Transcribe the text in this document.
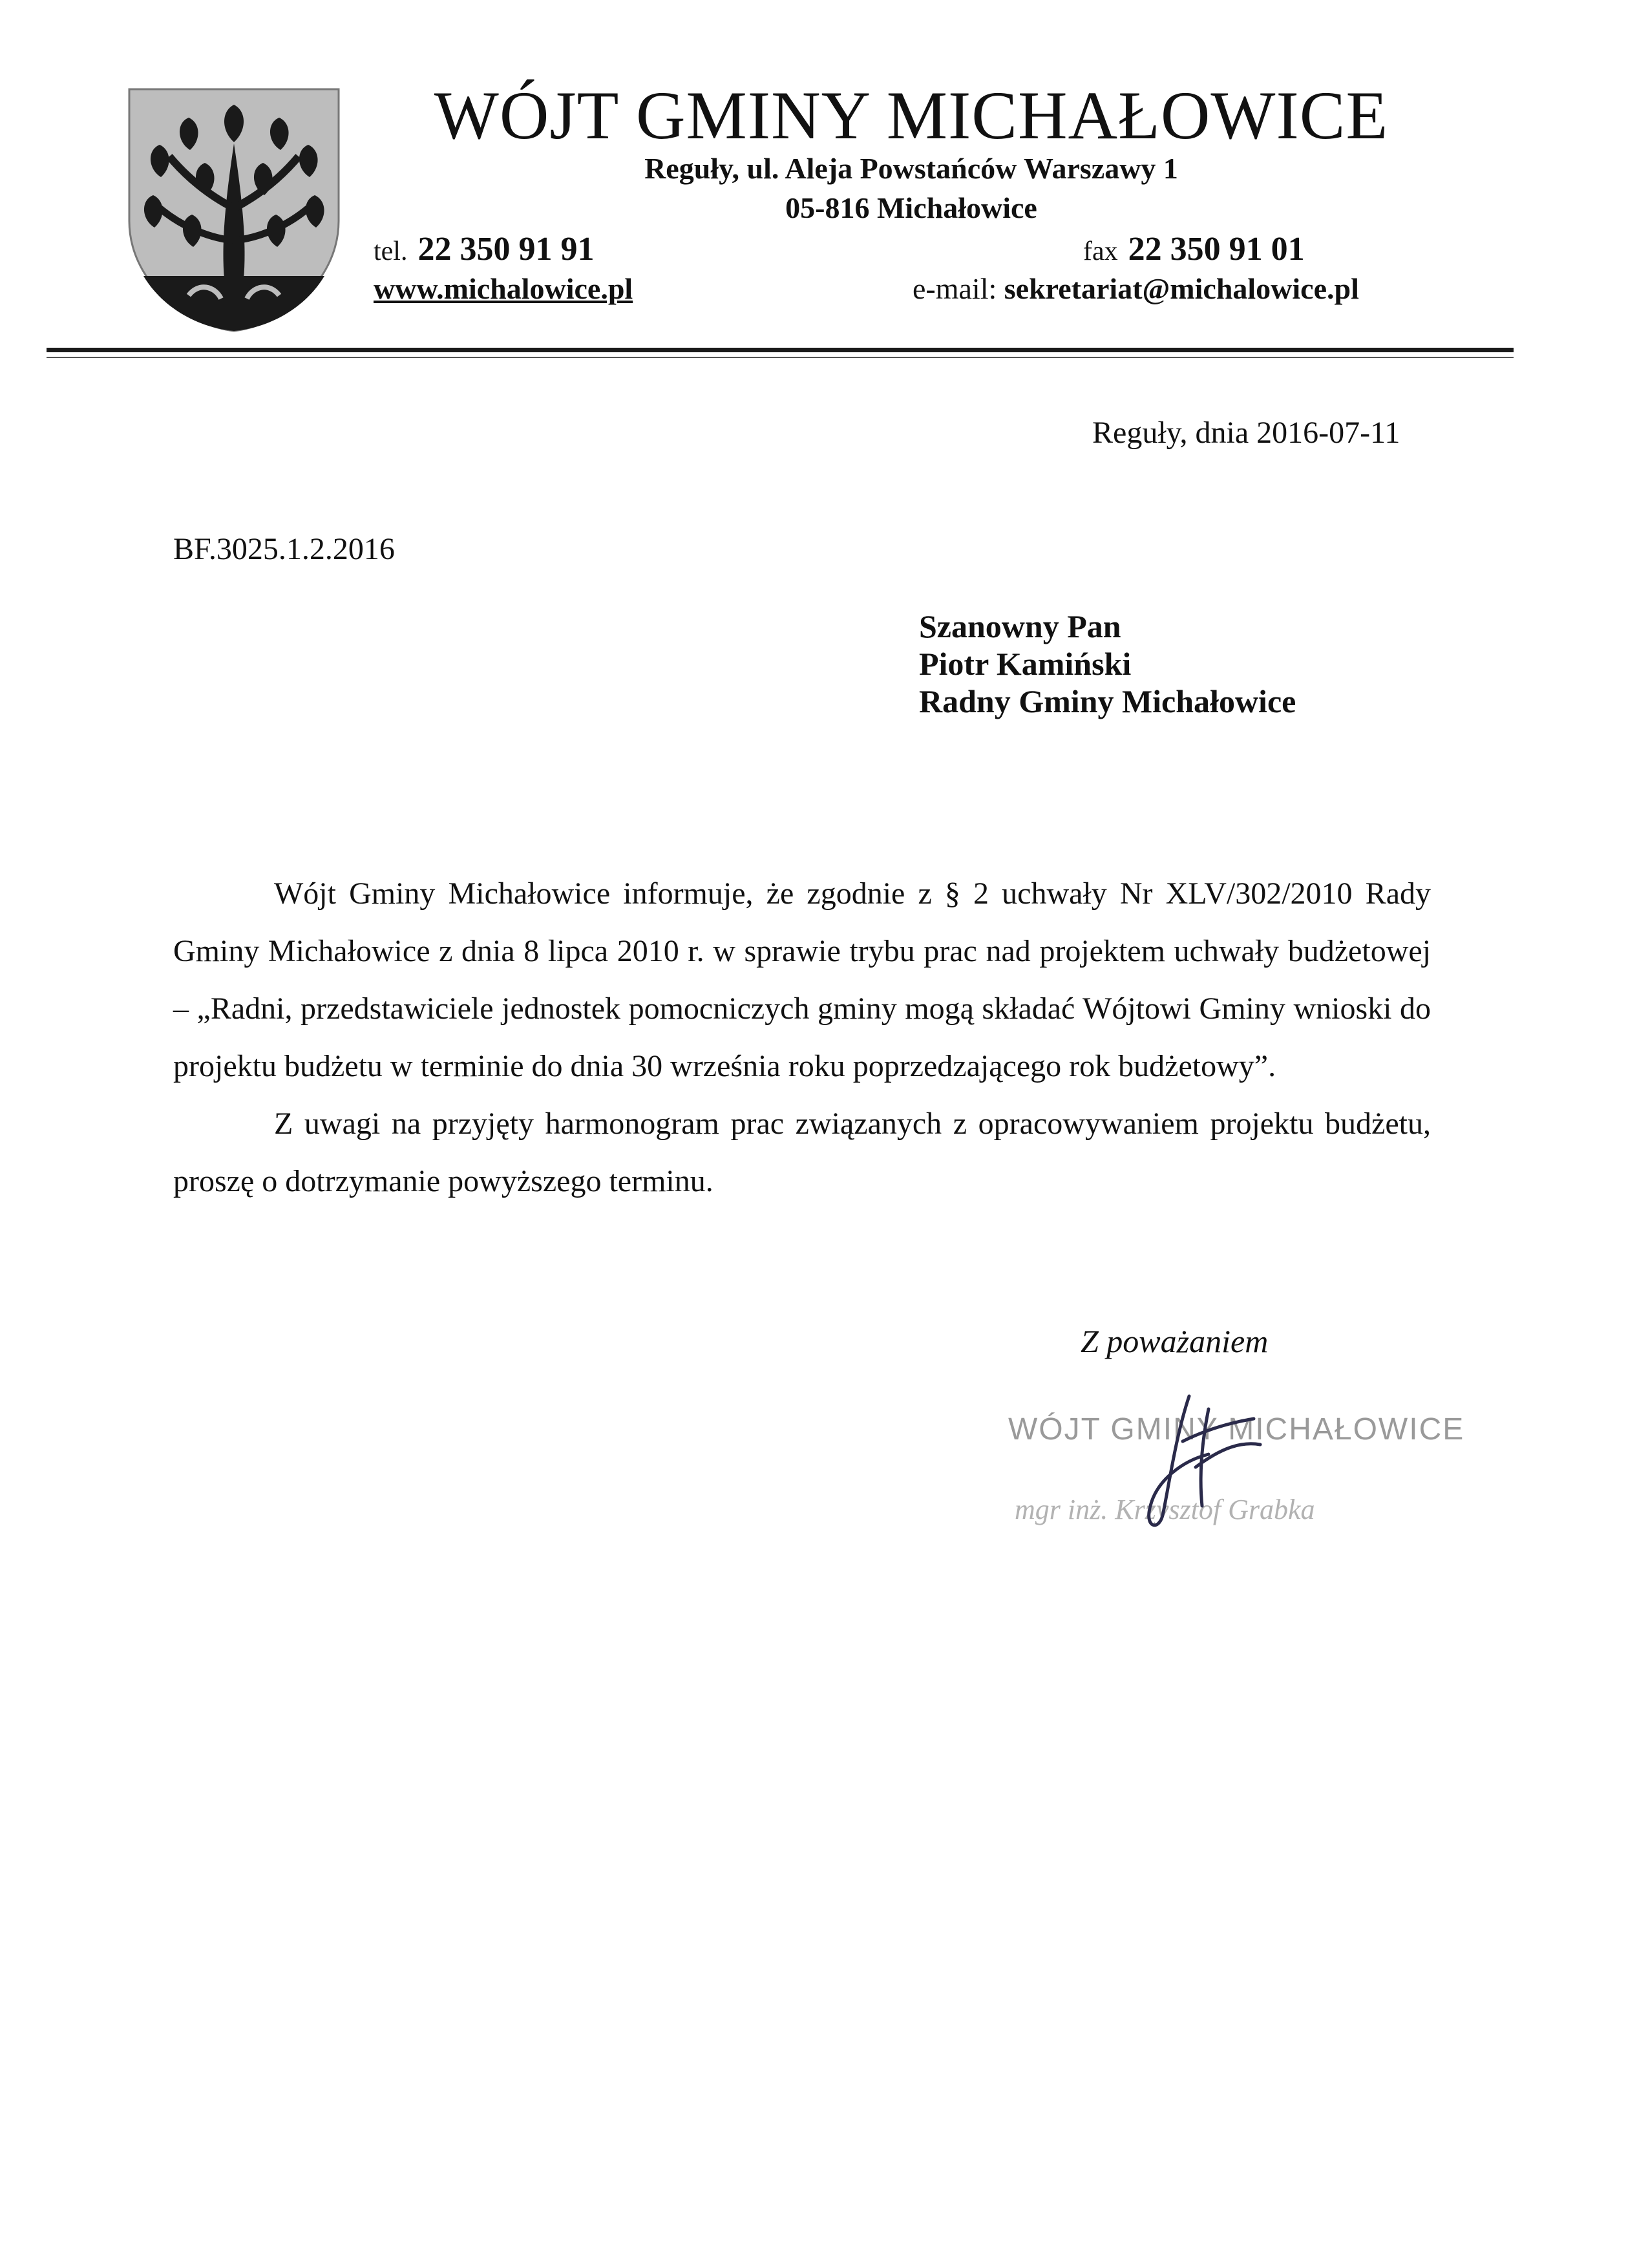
WÓJT GMINY MICHAŁOWICE
Reguły, ul. Aleja Powstańców Warszawy 1
05-816 Michałowice
tel. 22 350 91 91	fax 22 350 91 01
www.michalowice.pl	e-mail: sekretariat@michalowice.pl
Reguły, dnia 2016-07-11
BF.3025.1.2.2016
Szanowny Pan
Piotr Kamiński
Radny Gminy Michałowice

Wójt Gminy Michałowice informuje, że zgodnie z § 2 uchwały Nr XLV/302/2010 Rady Gminy Michałowice z dnia 8 lipca 2010 r. w sprawie trybu prac nad projektem uchwały budżetowej – „Radni, przedstawiciele jednostek pomocniczych gminy mogą składać Wójtowi Gminy wnioski do projektu budżetu w terminie do dnia 30 września roku poprzedzającego rok budżetowy”.

Z uwagi na przyjęty harmonogram prac związanych z opracowywaniem projektu budżetu, proszę o dotrzymanie powyższego terminu.

Z poważaniem
WÓJT GMINY MICHAŁOWICE
mgr inż. Krzysztof Grabka
